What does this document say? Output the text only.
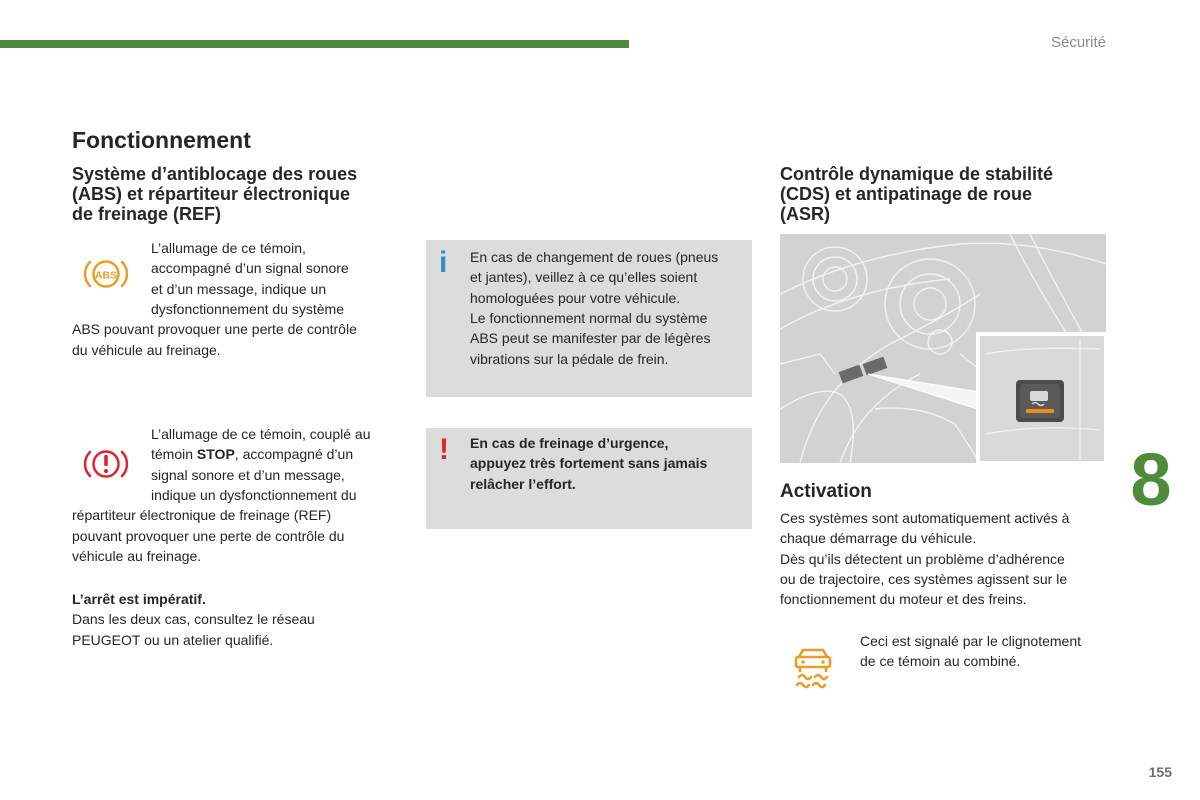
Sécurité
Fonctionnement
Système d’antiblocage des roues
(ABS) et répartiteur électronique
de freinage (REF)
ABS
L’allumage de ce témoin,
accompagné d’un signal sonore
et d’un message, indique un
dysfonctionnement du système
ABS pouvant provoquer une perte de contrôle
du véhicule au freinage.
L’allumage de ce témoin, couplé au
témoin STOP, accompagné d’un
signal sonore et d’un message,
indique un dysfonctionnement du
répartiteur électronique de freinage (REF)
pouvant provoquer une perte de contrôle du
véhicule au freinage.
L’arrêt est impératif.
Dans les deux cas, consultez le réseau
PEUGEOT ou un atelier qualifié.
i En cas de changement de roues (pneus
et jantes), veillez à ce qu’elles soient
homologuées pour votre véhicule.
Le fonctionnement normal du système
ABS peut se manifester par de légères
vibrations sur la pédale de frein.
! En cas de freinage d’urgence,
appuyez très fortement sans jamais
relâcher l’effort.
Contrôle dynamique de stabilité
(CDS) et antipatinage de roue
(ASR)
8
Activation
Ces systèmes sont automatiquement activés à
chaque démarrage du véhicule.
Dès qu’ils détectent un problème d’adhérence
ou de trajectoire, ces systèmes agissent sur le
fonctionnement du moteur et des freins.
Ceci est signalé par le clignotement
de ce témoin au combiné.
155
